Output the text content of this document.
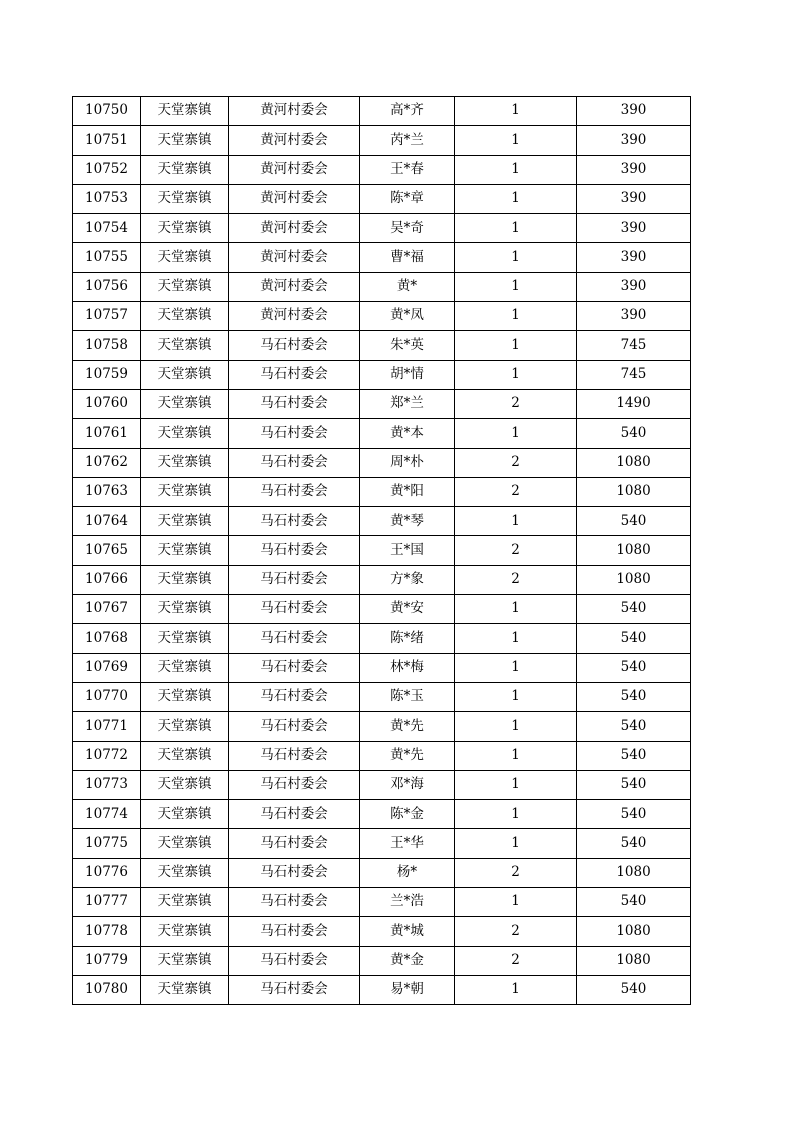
10750	天堂寨镇	黄河村委会	高*齐	1	390
10751	天堂寨镇	黄河村委会	芮*兰	1	390
10752	天堂寨镇	黄河村委会	王*春	1	390
10753	天堂寨镇	黄河村委会	陈*章	1	390
10754	天堂寨镇	黄河村委会	吴*奇	1	390
10755	天堂寨镇	黄河村委会	曹*福	1	390
10756	天堂寨镇	黄河村委会	黄*	1	390
10757	天堂寨镇	黄河村委会	黄*凤	1	390
10758	天堂寨镇	马石村委会	朱*英	1	745
10759	天堂寨镇	马石村委会	胡*情	1	745
10760	天堂寨镇	马石村委会	郑*兰	2	1490
10761	天堂寨镇	马石村委会	黄*本	1	540
10762	天堂寨镇	马石村委会	周*朴	2	1080
10763	天堂寨镇	马石村委会	黄*阳	2	1080
10764	天堂寨镇	马石村委会	黄*琴	1	540
10765	天堂寨镇	马石村委会	王*国	2	1080
10766	天堂寨镇	马石村委会	方*象	2	1080
10767	天堂寨镇	马石村委会	黄*安	1	540
10768	天堂寨镇	马石村委会	陈*绪	1	540
10769	天堂寨镇	马石村委会	林*梅	1	540
10770	天堂寨镇	马石村委会	陈*玉	1	540
10771	天堂寨镇	马石村委会	黄*先	1	540
10772	天堂寨镇	马石村委会	黄*先	1	540
10773	天堂寨镇	马石村委会	邓*海	1	540
10774	天堂寨镇	马石村委会	陈*金	1	540
10775	天堂寨镇	马石村委会	王*华	1	540
10776	天堂寨镇	马石村委会	杨*	2	1080
10777	天堂寨镇	马石村委会	兰*浩	1	540
10778	天堂寨镇	马石村委会	黄*城	2	1080
10779	天堂寨镇	马石村委会	黄*金	2	1080
10780	天堂寨镇	马石村委会	易*朝	1	540
